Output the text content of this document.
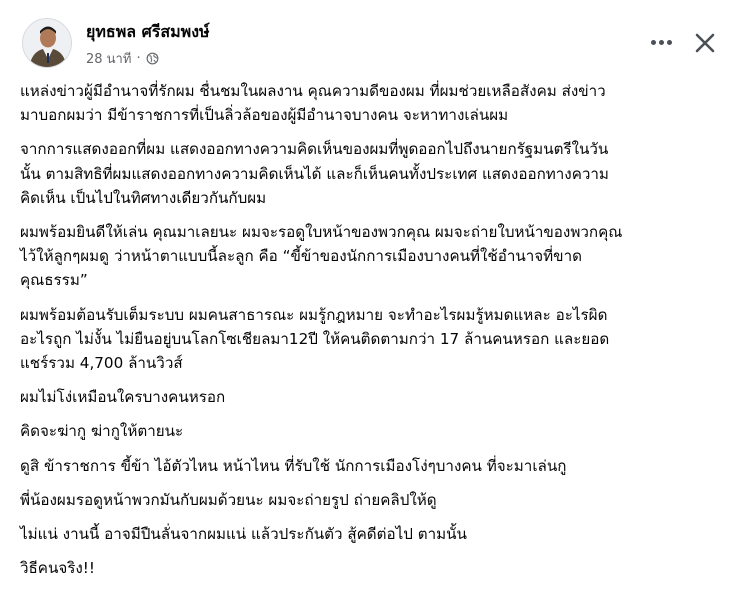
ยุทธพล ศรีสมพงษ์
28 นาที ·

แหล่งข่าวผู้มีอำนาจที่รักผม ชื่นชมในผลงาน คุณความดีของผม ที่ผมช่วยเหลือสังคม ส่งข่าว
มาบอกผมว่า มีข้าราชการที่เป็นลิ่วล้อของผู้มีอำนาจบางคน จะหาทางเล่นผม

จากการแสดงออกที่ผม แสดงออกทางความคิดเห็นของผมที่พูดออกไปถึงนายกรัฐมนตรีในวัน
นั้น ตามสิทธิที่ผมแสดงออกทางความคิดเห็นได้ และก็เห็นคนทั้งประเทศ แสดงออกทางความ
คิดเห็น เป็นไปในทิศทางเดียวกันกับผม

ผมพร้อมยินดีให้เล่น คุณมาเลยนะ ผมจะรอดูใบหน้าของพวกคุณ ผมจะถ่ายใบหน้าของพวกคุณ
ไว้ให้ลูกๆผมดู ว่าหน้าตาแบบนี้ละลูก คือ “ขี้ข้าของนักการเมืองบางคนที่ใช้อำนาจที่ขาด
คุณธรรม”

ผมพร้อมต้อนรับเต็มระบบ ผมคนสาธารณะ ผมรู้กฎหมาย จะทำอะไรผมรู้หมดแหละ อะไรผิด
อะไรถูก ไม่งั้น ไม่ยืนอยู่บนโลกโซเชียลมา12ปี ให้คนติดตามกว่า 17 ล้านคนหรอก และยอด
แชร์รวม 4,700 ล้านวิวส์

ผมไม่โง่เหมือนใครบางคนหรอก

คิดจะฆ่ากู ฆ่ากูให้ตายนะ

ดูสิ ข้าราชการ ขี้ข้า ไอ้ตัวไหน หน้าไหน ที่รับใช้ นักการเมืองโง่ๆบางคน ที่จะมาเล่นกู

พี่น้องผมรอดูหน้าพวกมันกับผมด้วยนะ ผมจะถ่ายรูป ถ่ายคลิปให้ดู

ไม่แน่ งานนี้ อาจมีปืนลั่นจากผมแน่ แล้วประกันตัว สู้คดีต่อไป ตามนั้น

วิธีคนจริง!!
